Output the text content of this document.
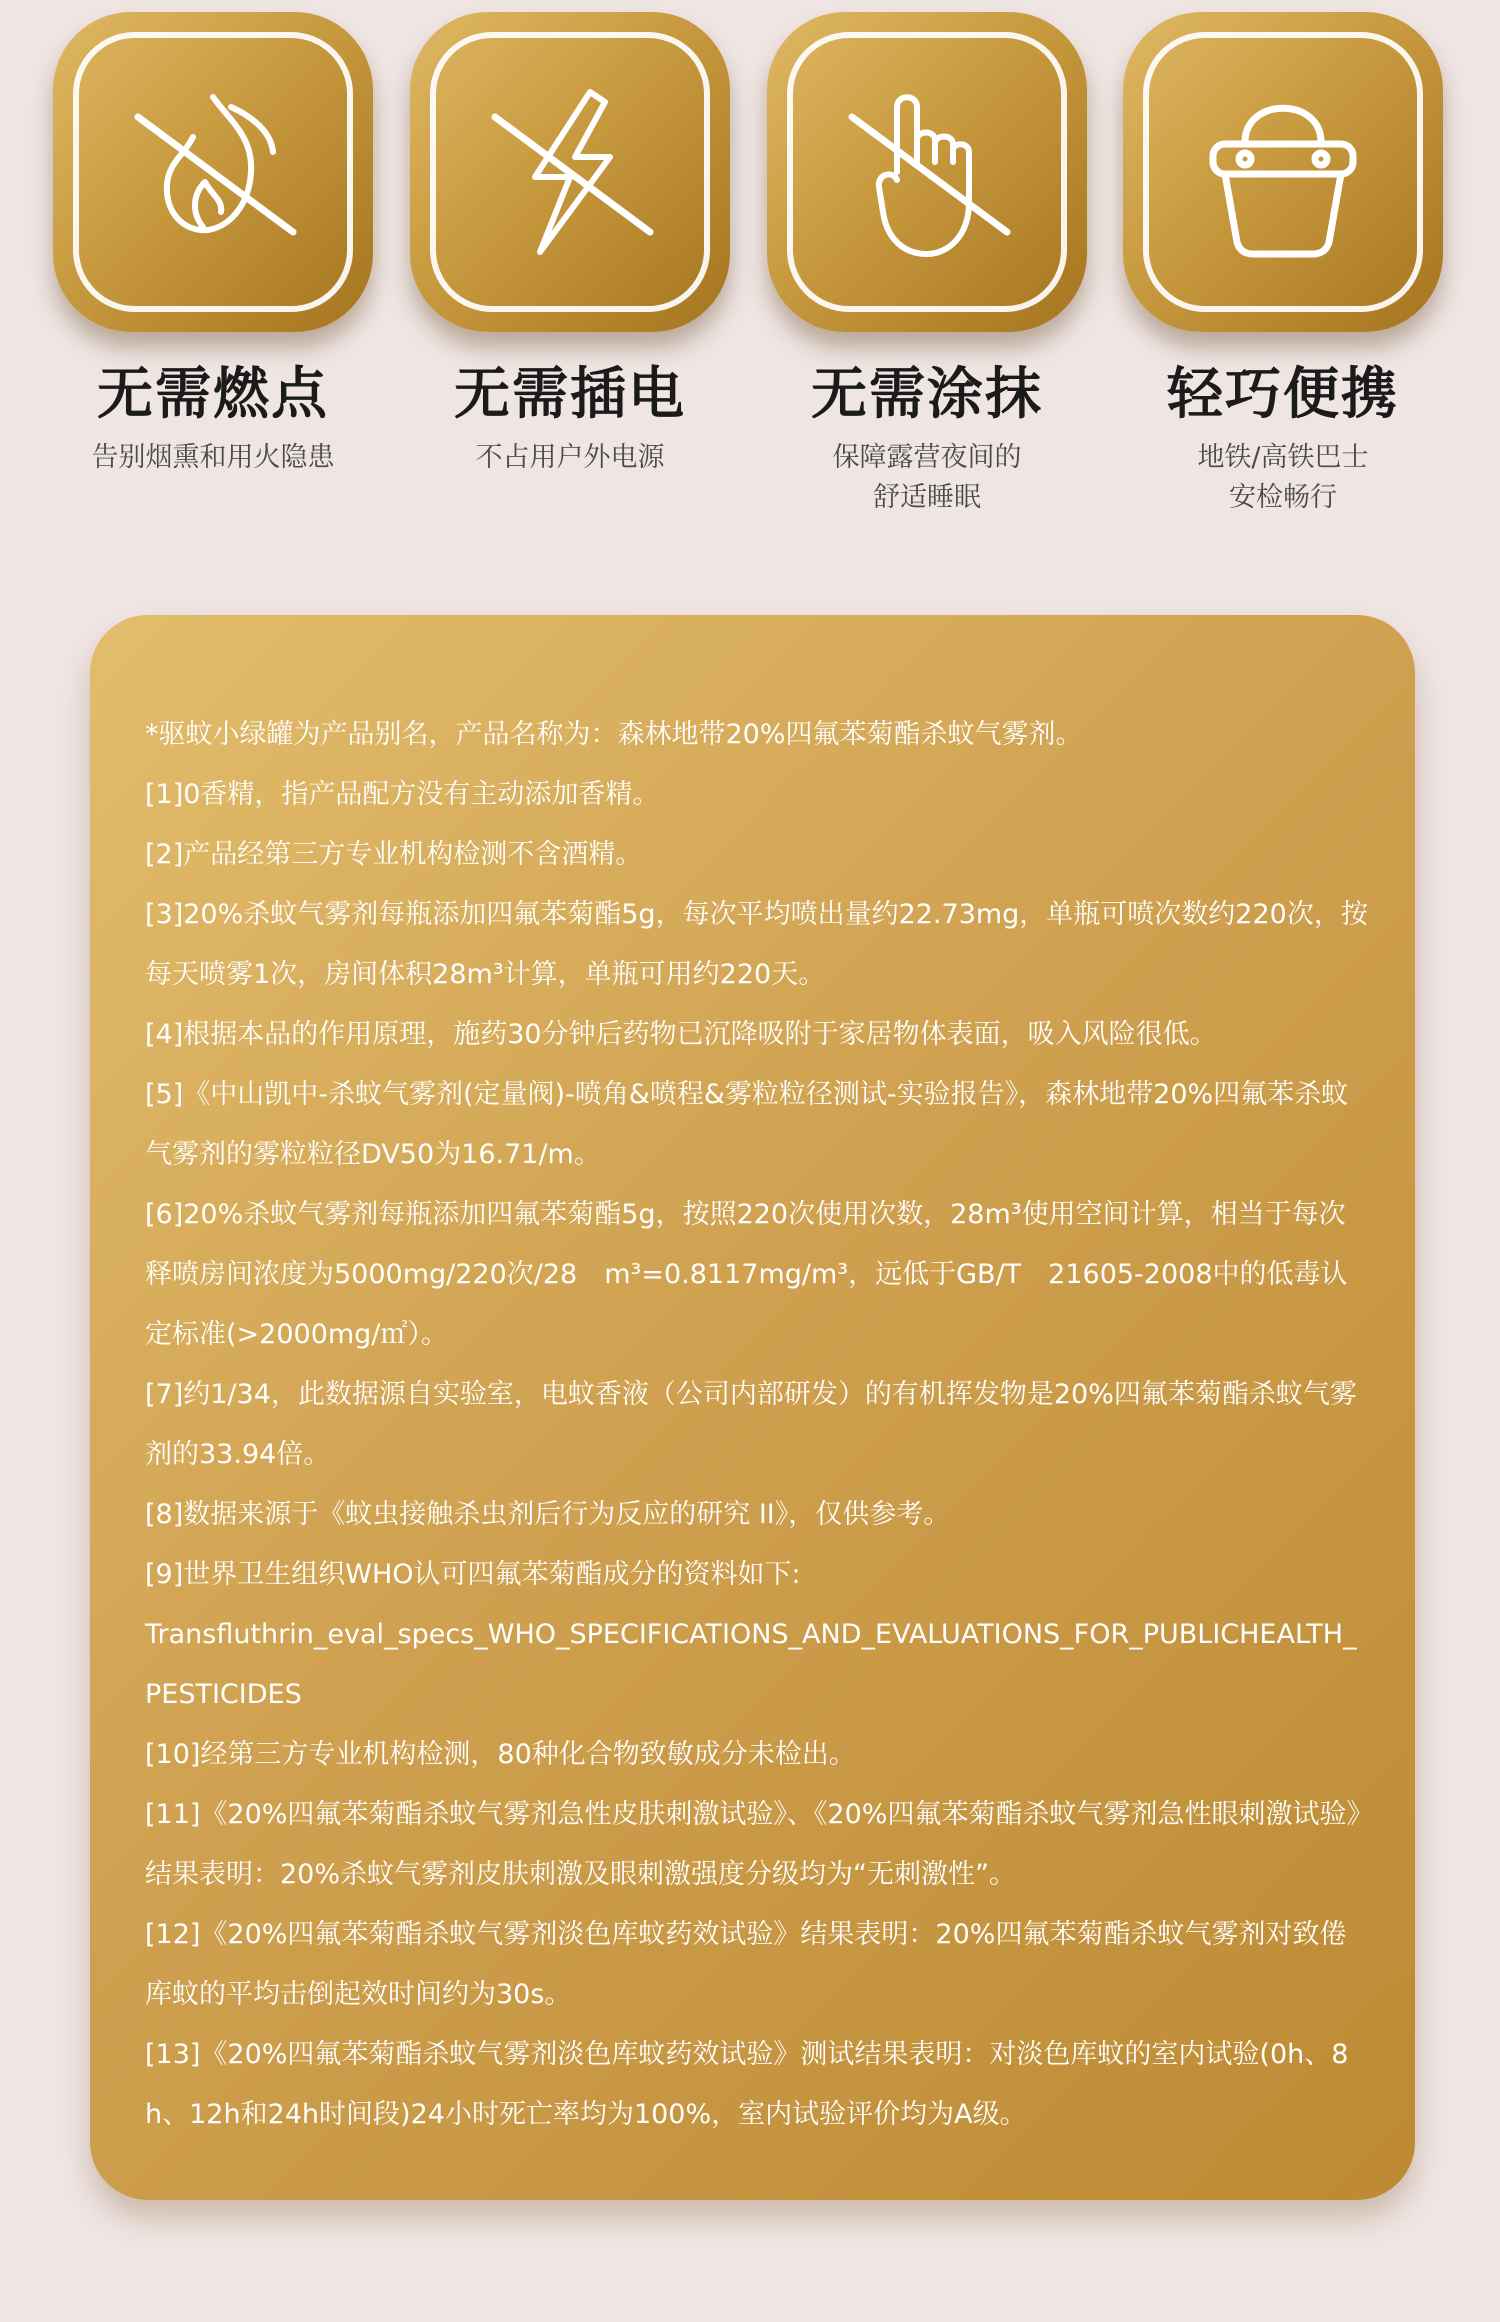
无需燃点
告别烟熏和用火隐患
无需插电
不占用户外电源
无需涂抹
保障露营夜间的
舒适睡眠
轻巧便携
地铁/高铁巴士
安检畅行
*驱蚊小绿罐为产品别名，产品名称为：森林地带20%四氟苯菊酯杀蚊气雾剂。
[1]0香精，指产品配方没有主动添加香精。
[2]产品经第三方专业机构检测不含酒精。
[3]20%杀蚊气雾剂每瓶添加四氟苯菊酯5g，每次平均喷出量约22.73mg，单瓶可喷次数约220次，按每天喷雾1次，房间体积28m³计算，单瓶可用约220天。
[4]根据本品的作用原理，施药30分钟后药物已沉降吸附于家居物体表面，吸入风险很低。
[5]《中山凯中-杀蚊气雾剂(定量阀)-喷角&喷程&雾粒粒径测试-实验报告》，森林地带20%四氟苯杀蚊气雾剂的雾粒粒径DV50为16.71/m。
[6]20%杀蚊气雾剂每瓶添加四氟苯菊酯5g，按照220次使用次数，28m³使用空间计算，相当于每次释喷房间浓度为5000mg/220次/28　m³=0.8117mg/m³，远低于GB/T　21605-2008中的低毒认定标准(>2000mg/㎡）。
[7]约1/34，此数据源自实验室，电蚊香液（公司内部研发）的有机挥发物是20%四氟苯菊酯杀蚊气雾剂的33.94倍。
[8]数据来源于《蚊虫接触杀虫剂后行为反应的研究 II》，仅供参考。
[9]世界卫生组织WHO认可四氟苯菊酯成分的资料如下:
Transfluthrin_eval_specs_WHO_SPECIFICATIONS_AND_EVALUATIONS_FOR_PUBLICHEALTH_PESTICIDES
[10]经第三方专业机构检测，80种化合物致敏成分未检出。
[11]《20%四氟苯菊酯杀蚊气雾剂急性皮肤刺激试验》、《20%四氟苯菊酯杀蚊气雾剂急性眼刺激试验》结果表明：20%杀蚊气雾剂皮肤刺激及眼刺激强度分级均为“无刺激性”。
[12]《20%四氟苯菊酯杀蚊气雾剂淡色库蚊药效试验》结果表明：20%四氟苯菊酯杀蚊气雾剂对致倦库蚊的平均击倒起效时间约为30s。
[13]《20%四氟苯菊酯杀蚊气雾剂淡色库蚊药效试验》测试结果表明：对淡色库蚊的室内试验(0h、8h、12h和24h时间段)24小时死亡率均为100%，室内试验评价均为A级。
